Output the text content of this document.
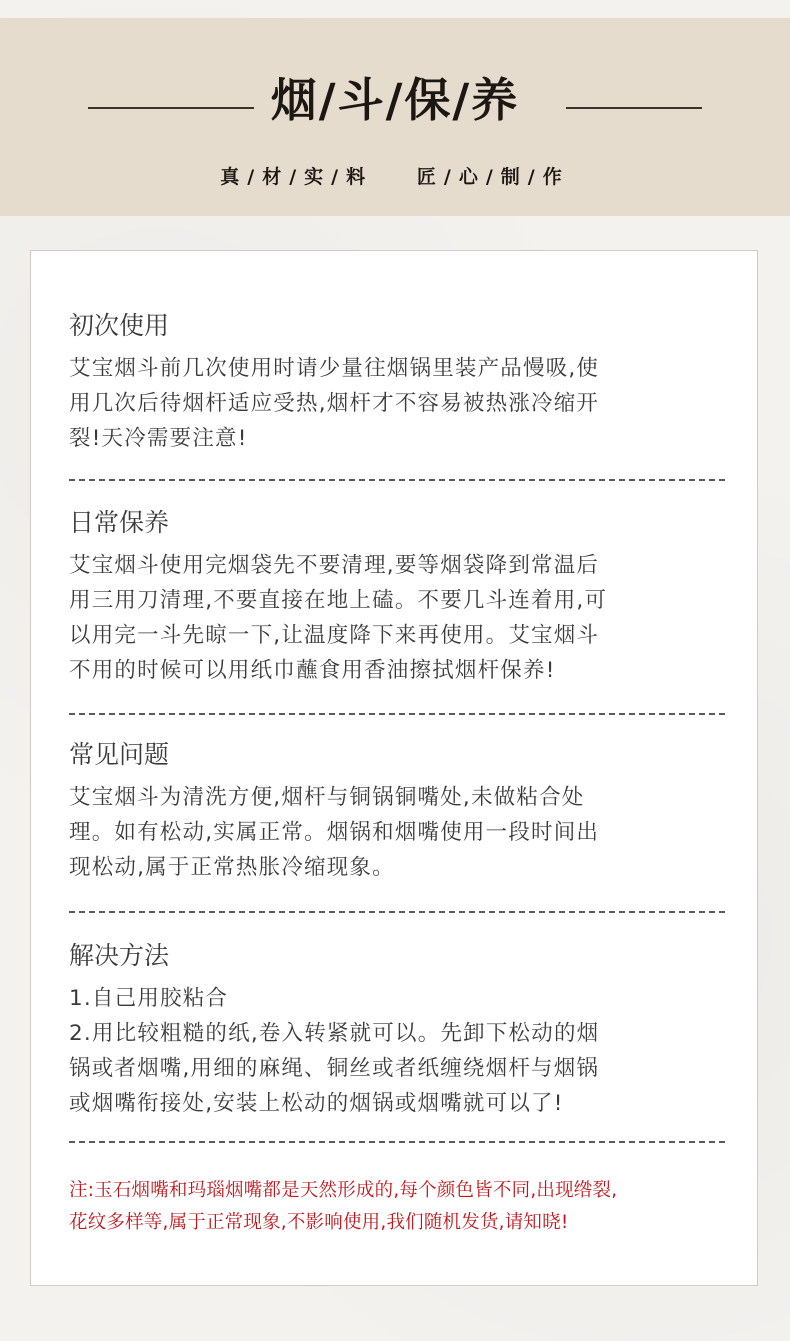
烟/斗/保/养
真/材/实/料   匠/心/制/作
初次使用

艾宝烟斗前几次使用时请少量往烟锅里装产品慢吸,使

用几次后待烟杆适应受热,烟杆才不容易被热涨冷缩开

裂!天冷需要注意!

日常保养

艾宝烟斗使用完烟袋先不要清理,要等烟袋降到常温后

用三用刀清理,不要直接在地上磕。不要几斗连着用,可

以用完一斗先晾一下,让温度降下来再使用。艾宝烟斗

不用的时候可以用纸巾蘸食用香油擦拭烟杆保养!

常见问题

艾宝烟斗为清洗方便,烟杆与铜锅铜嘴处,未做粘合处

理。如有松动,实属正常。烟锅和烟嘴使用一段时间出

现松动,属于正常热胀冷缩现象。

解决方法

1.自己用胶粘合

2.用比较粗糙的纸,卷入转紧就可以。先卸下松动的烟

锅或者烟嘴,用细的麻绳、铜丝或者纸缠绕烟杆与烟锅

或烟嘴衔接处,安装上松动的烟锅或烟嘴就可以了!

注:玉石烟嘴和玛瑙烟嘴都是天然形成的,每个颜色皆不同,出现绺裂,

花纹多样等,属于正常现象,不影响使用,我们随机发货,请知晓!
